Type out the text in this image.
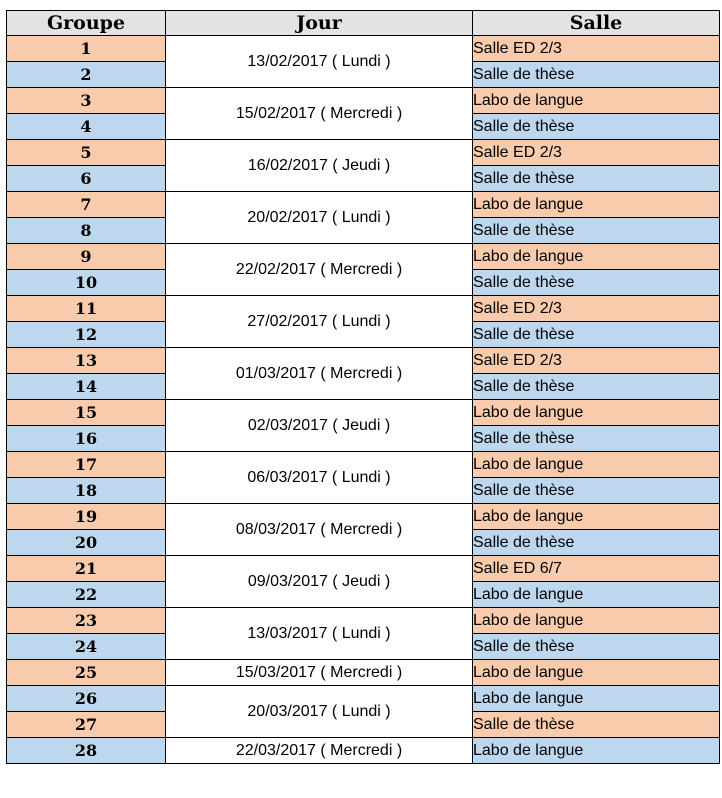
Groupe	Jour	Salle
1	13/02/2017 ( Lundi )	Salle ED 2/3
2		Salle de thèse
3	15/02/2017 ( Mercredi )	Labo de langue
4		Salle de thèse
5	16/02/2017 ( Jeudi )	Salle ED 2/3
6		Salle de thèse
7	20/02/2017 ( Lundi )	Labo de langue
8		Salle de thèse
9	22/02/2017 ( Mercredi )	Labo de langue
10		Salle de thèse
11	27/02/2017 ( Lundi )	Salle ED 2/3
12		Salle de thèse
13	01/03/2017 ( Mercredi )	Salle ED 2/3
14		Salle de thèse
15	02/03/2017 ( Jeudi )	Labo de langue
16		Salle de thèse
17	06/03/2017 ( Lundi )	Labo de langue
18		Salle de thèse
19	08/03/2017 ( Mercredi )	Labo de langue
20		Salle de thèse
21	09/03/2017 ( Jeudi )	Salle ED 6/7
22		Labo de langue
23	13/03/2017 ( Lundi )	Labo de langue
24		Salle de thèse
25	15/03/2017 ( Mercredi )	Labo de langue
26	20/03/2017 ( Lundi )	Labo de langue
27		Salle de thèse
28	22/03/2017 ( Mercredi )	Labo de langue
